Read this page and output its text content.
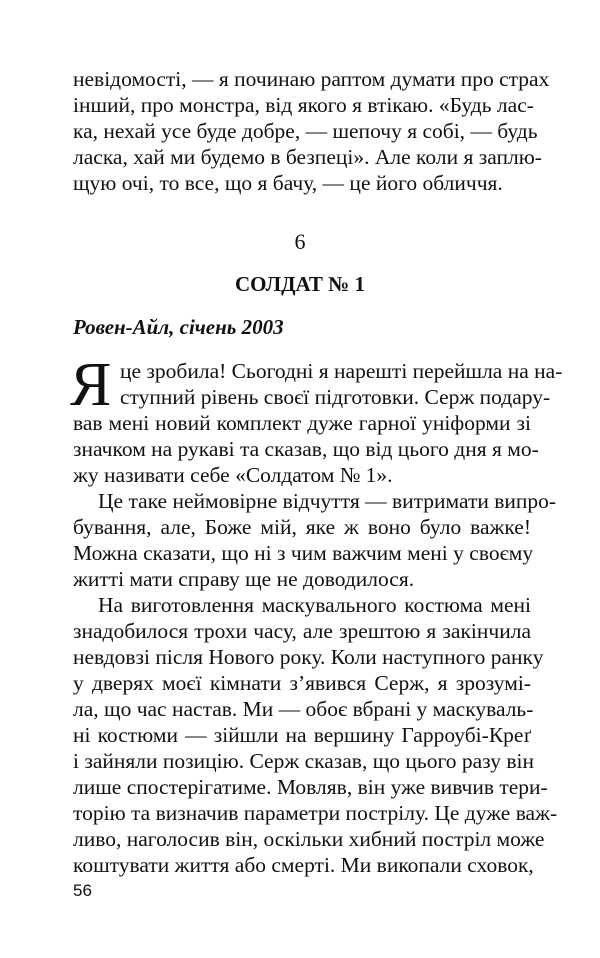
невідомості, — я починаю раптом думати про страх
інший, про монстра, від якого я втікаю. «Будь лас-
ка, нехай усе буде добре, — шепочу я собі, — будь
ласка, хай ми будемо в безпеці». Але коли я заплю-
щую очі, то все, що я бачу, — це його обличчя.
6
СОЛДАТ № 1
Ровен-Айл, січень 2003
Я це зробила! Сьогодні я нарешті перейшла на на-
ступний рівень своєї підготовки. Серж подару-
вав мені новий комплект дуже гарної уніформи зі
значком на рукаві та сказав, що від цього дня я мо-
жу називати себе «Солдатом № 1».
Це таке неймовірне відчуття — витримати випро-
бування, але, Боже мій, яке ж воно було важке!
Можна сказати, що ні з чим важчим мені у своєму
житті мати справу ще не доводилося.
На виготовлення маскувального костюма мені
знадобилося трохи часу, але зрештою я закінчила
невдовзі після Нового року. Коли наступного ранку
у дверях моєї кімнати з’явився Серж, я зрозумі-
ла, що час настав. Ми — обоє вбрані у маскуваль-
ні костюми — зійшли на вершину Гарроубі-Креґ
і зайняли позицію. Серж сказав, що цього разу він
лише спостерігатиме. Мовляв, він уже вивчив тери-
торію та визначив параметри пострілу. Це дуже важ-
ливо, наголосив він, оскільки хибний постріл може
коштувати життя або смерті. Ми викопали сховок,
56
